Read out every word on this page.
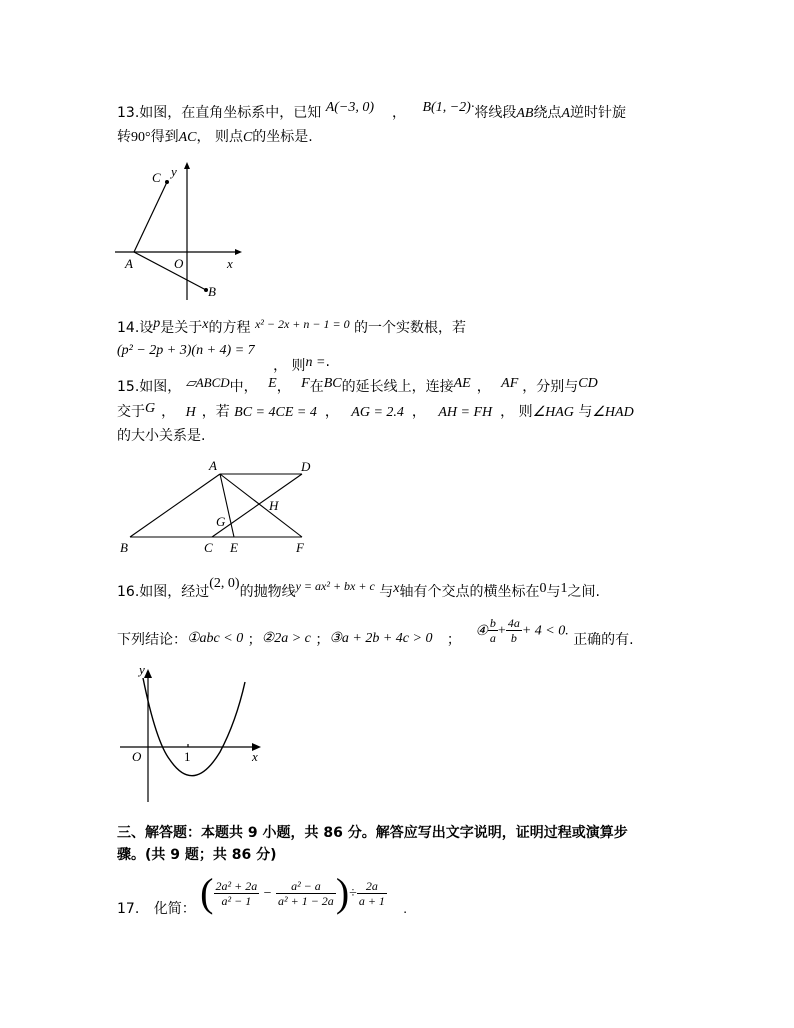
13.如图，在直角坐标系中，已知 A(−3, 0) ， B(1, −2)·将线段AB绕点A逆时针旋
转90°得到AC， 则点C的坐标是.
C y
A	O	x
B
14.设p是关于x的方程 x² − 2x + n − 1 = 0 的一个实数根，若
(p² − 2p + 3)(n + 4) = 7 ， 则n =.
15.如图， ▱ABCD中， E， F在BC的延长线上，连接AE ， AF ，分别与CD
交于G ， H ，若 BC = 4CE = 4 ， AG = 2.4 ， AH = FH ， 则∠HAG 与∠HAD
的大小关系是.
A	D
H
G
B	C E	F
16.如图，经过(2, 0)的抛物线y = ax² + bx + c 与x轴有个交点的横坐标在0与1之间.
下列结论：①abc < 0 ；②2a > c ；③a + 2b + 4c > 0 ； ④ $\frac{b}{a} + \frac{4a}{b} + 4 < 0$. 正确的有.
y
O	1	x
三、解答题：本题共 9 小题，共 86 分。解答应写出文字说明，证明过程或演算步
骤。(共 9 题；共 86 分)
17. 化简： ( $\frac{\text{2a² + 2a}}{\text{a² − 1}} - \frac{\text{a² − a}}{\text{a² + 1 − 2a}}$ )÷ $\frac{2a}{a + 1}$
.
